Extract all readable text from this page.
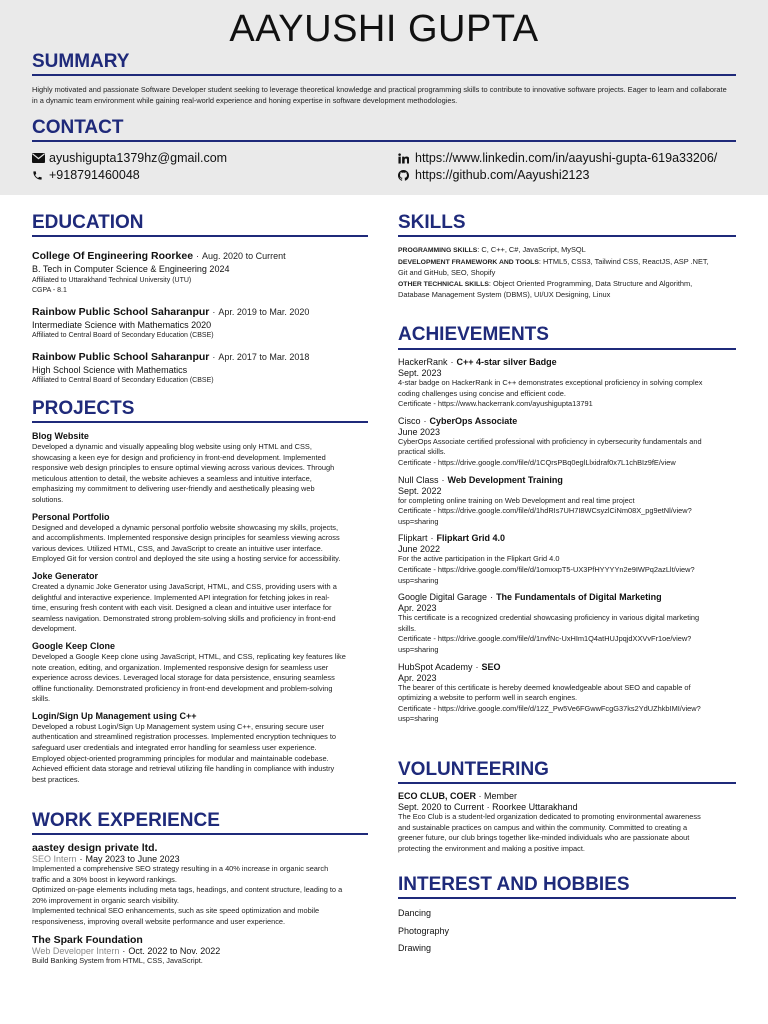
AAYUSHI GUPTA
SUMMARY
Highly motivated and passionate Software Developer student seeking to leverage theoretical knowledge and practical programming skills to contribute to innovative software projects. Eager to learn and collaborate in a dynamic team environment while gaining real-world experience and honing expertise in software development methodologies.
CONTACT
ayushigupta1379hz@gmail.com
+918791460048
https://www.linkedin.com/in/aayushi-gupta-619a33206/
https://github.com/Aayushi2123
EDUCATION
College Of Engineering Roorkee · Aug. 2020 to Current
B. Tech in Computer Science & Engineering 2024
Affiliated to Uttarakhand Technical University (UTU)
CGPA - 8.1
Rainbow Public School Saharanpur · Apr. 2019 to Mar. 2020
Intermediate Science with Mathematics 2020
Affiliated to Central Board of Secondary Education (CBSE)
Rainbow Public School Saharanpur · Apr. 2017 to Mar. 2018
High School Science with Mathematics
Affiliated to Central Board of Secondary Education (CBSE)
PROJECTS
Blog Website
Developed a dynamic and visually appealing blog website using only HTML and CSS,
showcasing a keen eye for design and proficiency in front-end development. Implemented
responsive web design principles to ensure optimal viewing across various devices. Through
meticulous attention to detail, the website achieves a seamless and intuitive interface,
emphasizing my commitment to delivering user-friendly and aesthetically pleasing web
solutions.
Personal Portfolio
Designed and developed a dynamic personal portfolio website showcasing my skills, projects,
and accomplishments. Implemented responsive design principles for seamless viewing across
various devices. Utilized HTML, CSS, and JavaScript to create an intuitive user interface.
Employed Git for version control and deployed the site using a hosting service for accessibility.
Joke Generator
Created a dynamic Joke Generator using JavaScript, HTML, and CSS, providing users with a
delightful and interactive experience. Implemented API integration for fetching jokes in real-
time, ensuring fresh content with each visit. Designed a clean and intuitive user interface for
seamless navigation. Demonstrated strong problem-solving skills and proficiency in front-end
development.
Google Keep Clone
Developed a Google Keep clone using JavaScript, HTML, and CSS, replicating key features like
note creation, editing, and organization. Implemented responsive design for seamless user
experience across devices. Leveraged local storage for data persistence, ensuring seamless
offline functionality. Demonstrated proficiency in front-end development and problem-solving
skills.
Login/Sign Up Management using C++
Developed a robust Login/Sign Up Management system using C++, ensuring secure user
authentication and streamlined registration processes. Implemented encryption techniques to
safeguard user credentials and integrated error handling for seamless user experience.
Employed object-oriented programming principles for modular and maintainable codebase.
Achieved efficient data storage and retrieval utilizing file handling in compliance with industry
best practices.
WORK EXPERIENCE
aastey design private ltd.
SEO Intern · May 2023 to June 2023
Implemented a comprehensive SEO strategy resulting in a 40% increase in organic search
traffic and a 30% boost in keyword rankings.
Optimized on-page elements including meta tags, headings, and content structure, leading to a
20% improvement in organic search visibility.
Implemented technical SEO enhancements, such as site speed optimization and mobile
responsiveness, improving overall website performance and user experience.
The Spark Foundation
Web Developer Intern · Oct. 2022 to Nov. 2022
Build Banking System from HTML, CSS, JavaScript.
SKILLS
PROGRAMMING SKILLS: C, C++, C#, JavaScript, MySQL
DEVELOPMENT FRAMEWORK AND TOOLS: HTML5, CSS3, Tailwind CSS, ReactJS, ASP .NET,
Git and GitHub, SEO, Shopify
OTHER TECHNICAL SKILLS: Object Oriented Programming, Data Structure and Algorithm,
Database Management System (DBMS), UI/UX Designing, Linux
ACHIEVEMENTS
HackerRank · C++ 4-star silver Badge
Sept. 2023
4-star badge on HackerRank in C++ demonstrates exceptional proficiency in solving complex
coding challenges using concise and efficient code.
Certificate - https://www.hackerrank.com/ayushigupta13791
Cisco · CyberOps Associate
June 2023
CyberOps Associate certified professional with proficiency in cybersecurity fundamentals and
practical skills.
Certificate - https://drive.google.com/file/d/1CQrsPBq0eglLlxidraf0x7L1chBIz9fE/view
Null Class · Web Development Training
Sept. 2022
for completing online training on Web Development and real time project
Certificate - https://drive.google.com/file/d/1hdRIs7UH7I8WCsyzlCiNm08X_pg9etNl/view?
usp=sharing
Flipkart · Flipkart Grid 4.0
June 2022
For the active participation in the Flipkart Grid 4.0
Certificate - https://drive.google.com/file/d/1omxxpT5-UX3PfHYYYYn2e9IWPq2azLlt/view?
usp=sharing
Google Digital Garage · The Fundamentals of Digital Marketing
Apr. 2023
This certificate is a recognized credential showcasing proficiency in various digital marketing
skills.
Certificate - https://drive.google.com/file/d/1nvfNc-UxHIm1Q4atHUJpqjdXXVvFr1oe/view?
usp=sharing
HubSpot Academy · SEO
Apr. 2023
The bearer of this certificate is hereby deemed knowledgeable about SEO and capable of
optimizing a website to perform well in search engines.
Certificate - https://drive.google.com/file/d/12Z_Pw5Ve6FGwwFcgG37ks2YdUZhkbIMI/view?
usp=sharing
VOLUNTEERING
ECO CLUB, COER · Member
Sept. 2020 to Current · Roorkee Uttarakhand
The Eco Club is a student-led organization dedicated to promoting environmental awareness
and sustainable practices on campus and within the community. Committed to creating a
greener future, our club brings together like-minded individuals who are passionate about
protecting the environment and making a positive impact.
INTEREST AND HOBBIES
Dancing
Photography
Drawing
